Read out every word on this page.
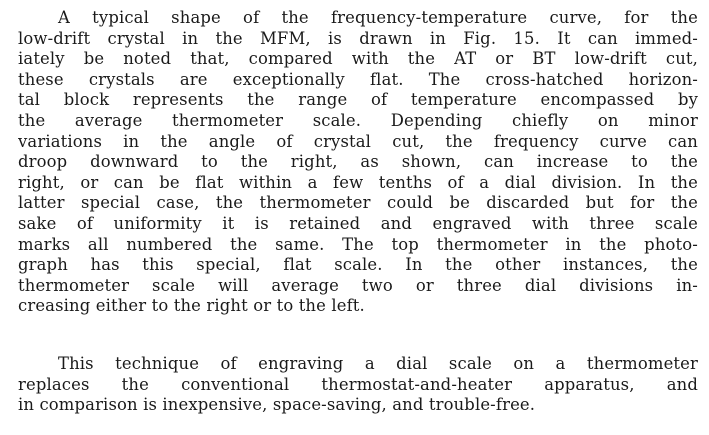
A typical shape of the frequency-temperature curve, for the
low-drift crystal in the MFM, is drawn in Fig. 15. It can immed-
iately be noted that, compared with the AT or BT low-drift cut,
these crystals are exceptionally flat. The cross-hatched horizon-
tal block represents the range of temperature encompassed by
the average thermometer scale. Depending chiefly on minor
variations in the angle of crystal cut, the frequency curve can
droop downward to the right, as shown, can increase to the
right, or can be flat within a few tenths of a dial division. In the
latter special case, the thermometer could be discarded but for the
sake of uniformity it is retained and engraved with three scale
marks all numbered the same. The top thermometer in the photo-
graph has this special, flat scale. In the other instances, the
thermometer scale will average two or three dial divisions in-
creasing either to the right or to the left.
This technique of engraving a dial scale on a thermometer
replaces the conventional thermostat-and-heater apparatus, and
in comparison is inexpensive, space-saving, and trouble-free.
